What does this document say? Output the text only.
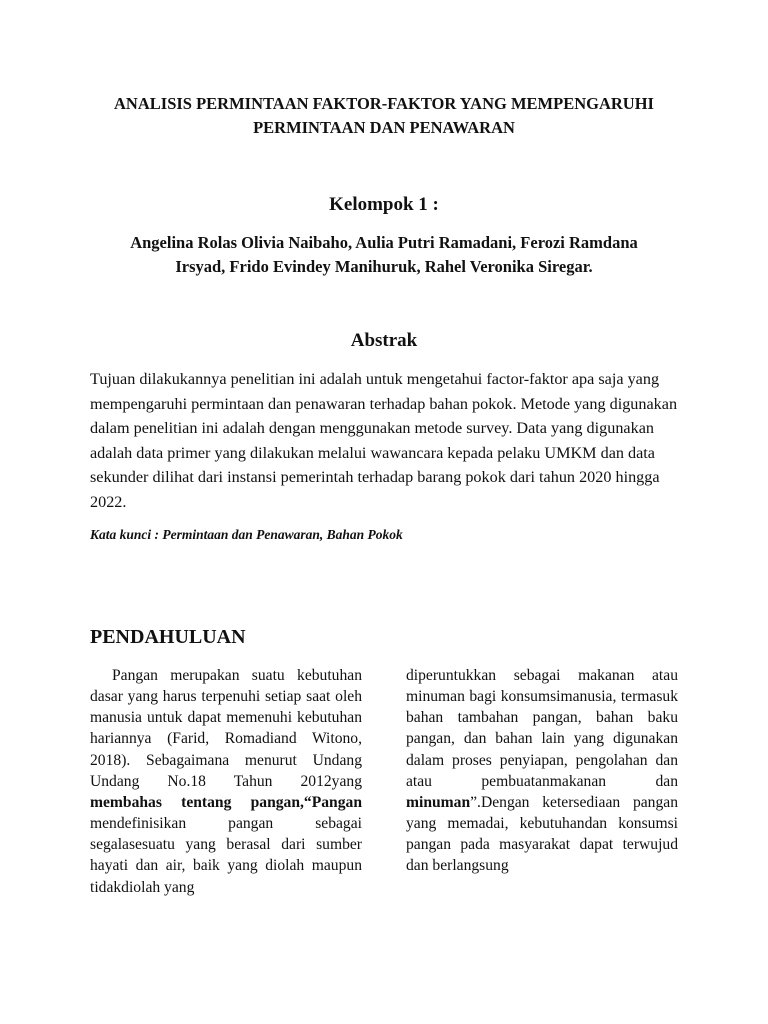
ANALISIS PERMINTAAN FAKTOR-FAKTOR YANG MEMPENGARUHI
PERMINTAAN DAN PENAWARAN
Kelompok 1 :
Angelina Rolas Olivia Naibaho, Aulia Putri Ramadani, Ferozi Ramdana
Irsyad, Frido Evindey Manihuruk, Rahel Veronika Siregar.
Abstrak

Tujuan dilakukannya penelitian ini adalah untuk mengetahui factor-faktor apa saja yang mempengaruhi permintaan dan penawaran terhadap bahan pokok. Metode yang digunakan dalam penelitian ini adalah dengan menggunakan metode survey. Data yang digunakan adalah data primer yang dilakukan melalui wawancara kepada pelaku UMKM dan data sekunder dilihat dari instansi pemerintah terhadap barang pokok dari tahun 2020 hingga 2022.

Kata kunci : Permintaan dan Penawaran, Bahan Pokok
PENDAHULUAN

Pangan merupakan suatu kebutuhan dasar yang harus terpenuhi setiap saat oleh manusia untuk dapat memenuhi kebutuhan hariannya (Farid, Romadiand Witono, 2018). Sebagaimana menurut Undang Undang No.18 Tahun 2012yang membahas tentang pangan,“Pangan mendefinisikan pangan sebagai segalasesuatu yang berasal dari sumber hayati dan air, baik yang diolah maupun tidakdiolah yang

diperuntukkan sebagai makanan atau minuman bagi konsumsimanusia, termasuk bahan tambahan pangan, bahan baku pangan, dan bahan lain yang digunakan dalam proses penyiapan, pengolahan dan atau pembuatanmakanan dan minuman”.Dengan ketersediaan pangan yang memadai, kebutuhandan konsumsi pangan pada masyarakat dapat terwujud dan berlangsung
